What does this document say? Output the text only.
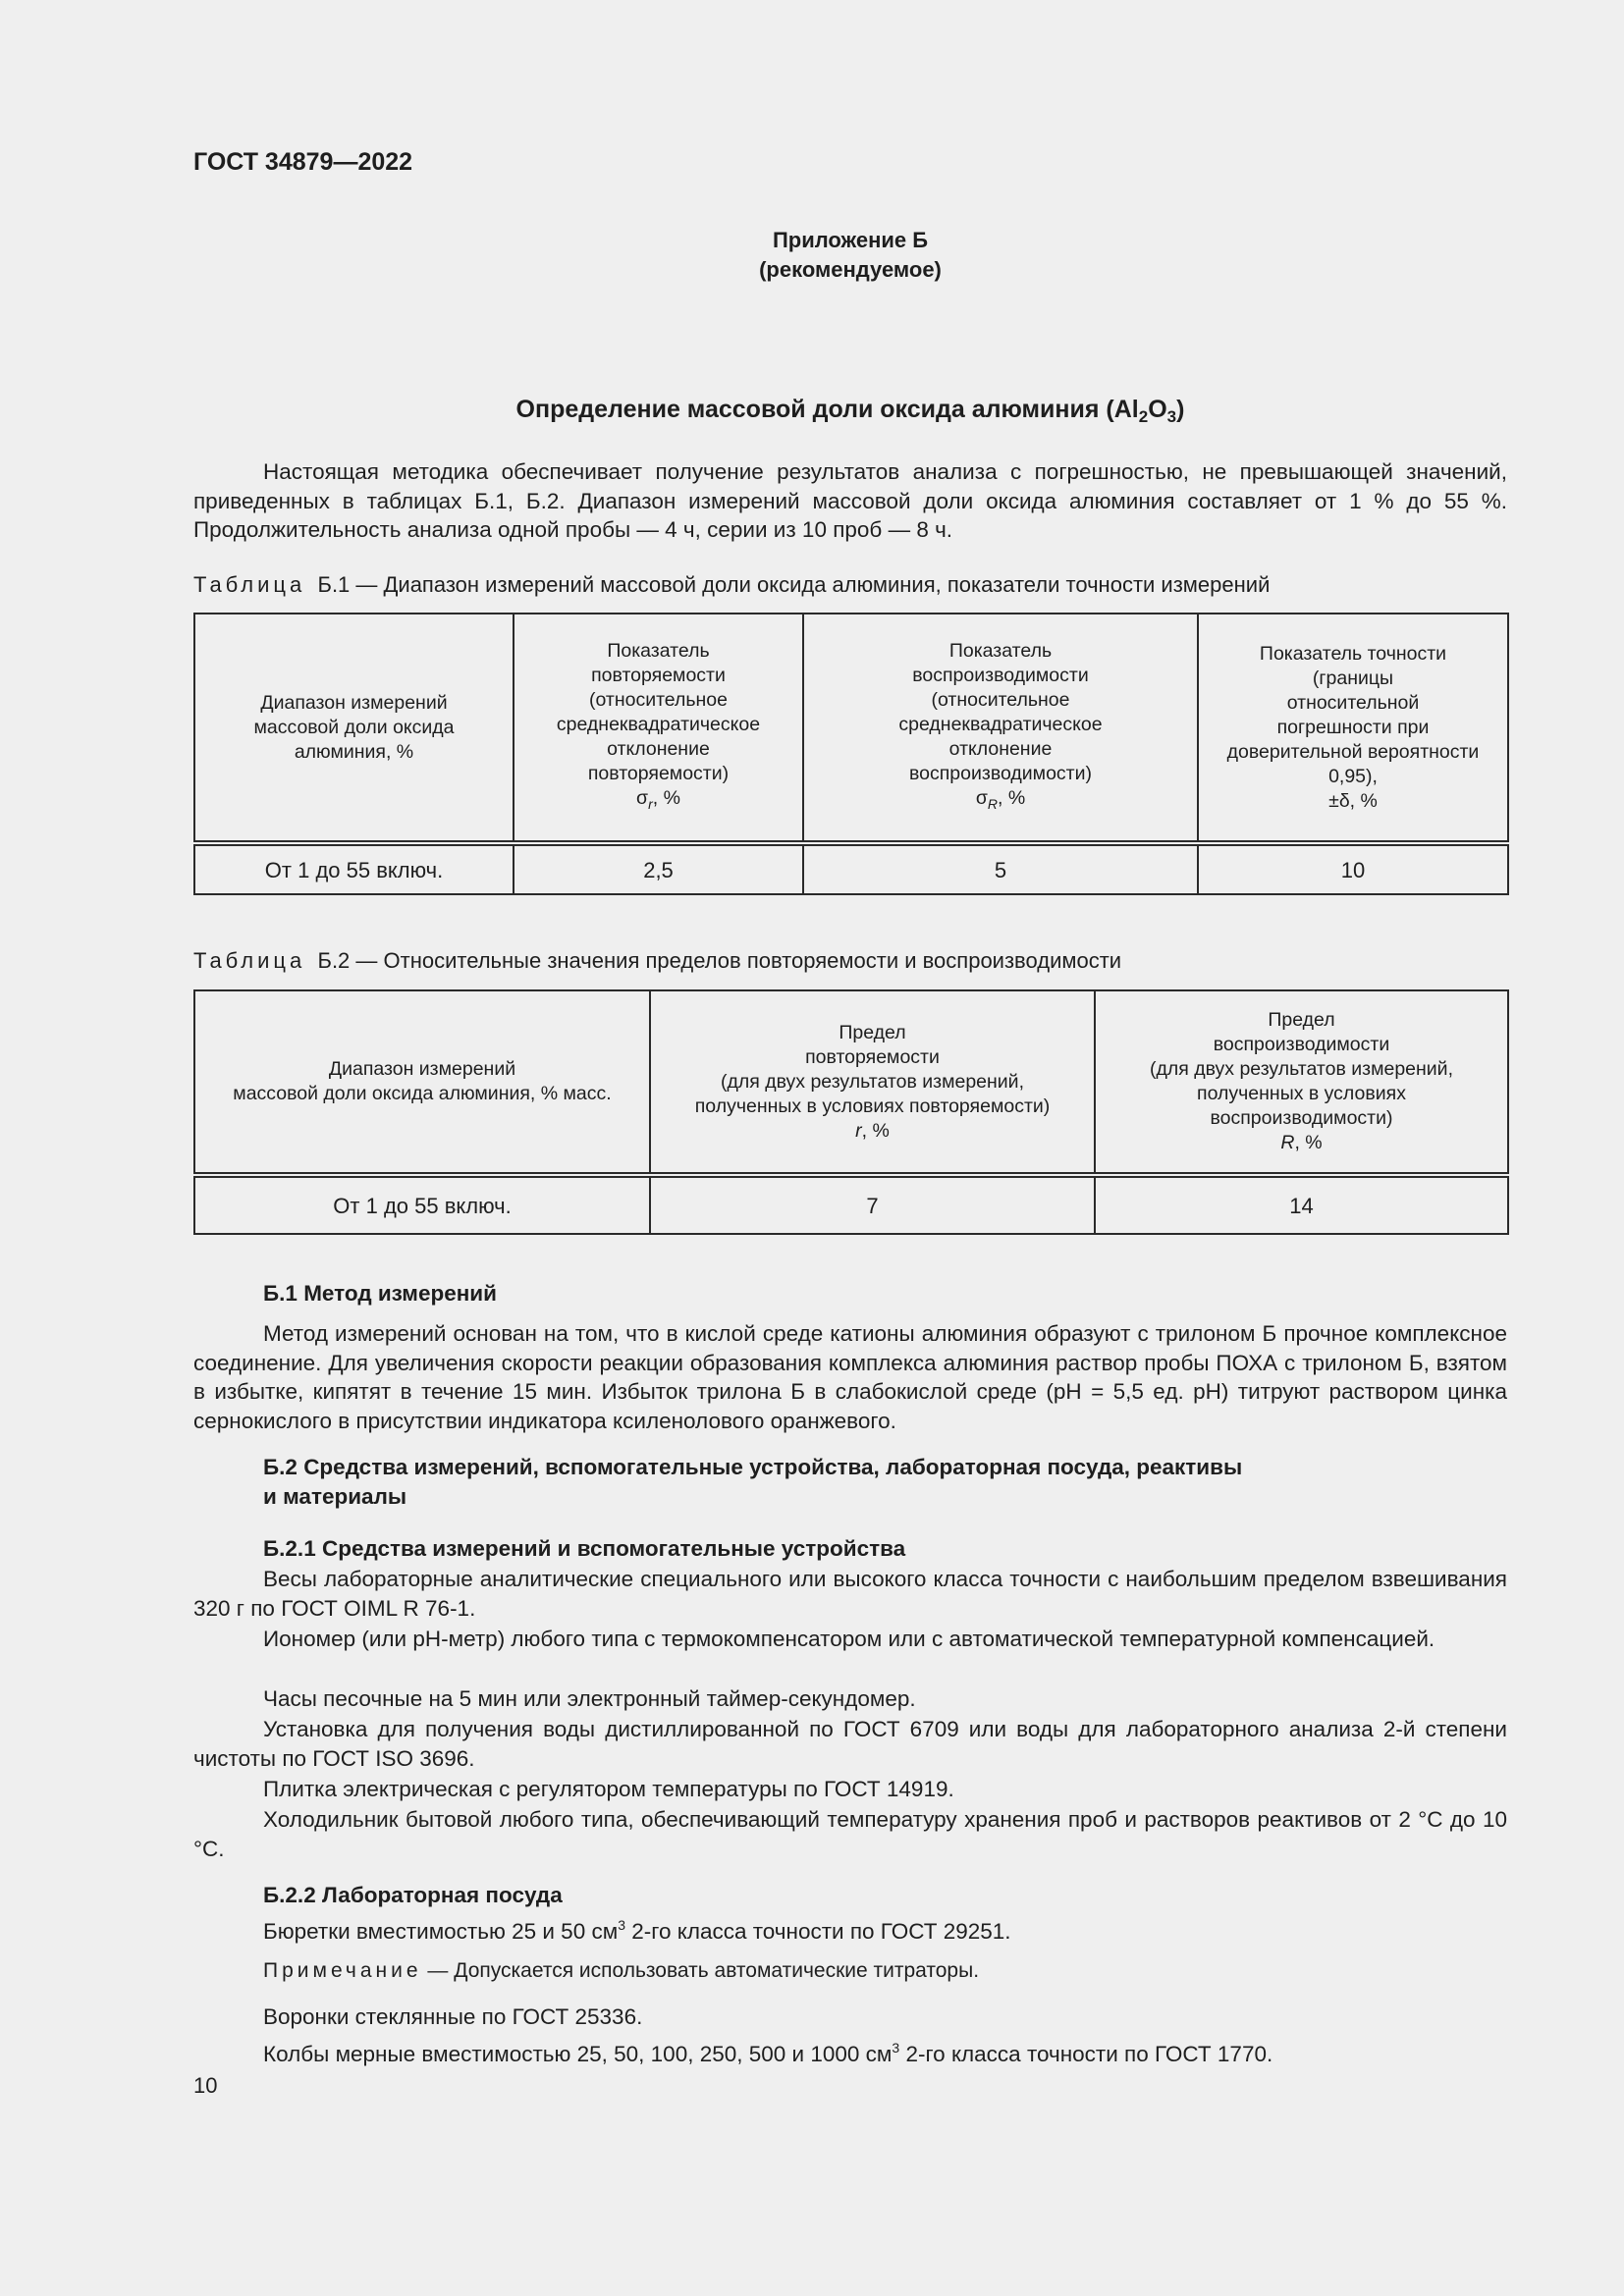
ГОСТ 34879—2022
Приложение Б
(рекомендуемое)
Определение массовой доли оксида алюминия $(Al_2O_3)$
Настоящая методика обеспечивает получение результатов анализа с погрешностью, не превышающей значений, приведенных в таблицах Б.1, Б.2. Диапазон измерений массовой доли оксида алюминия составляет от 1 % до 55 %. Продолжительность анализа одной пробы — 4 ч, серии из 10 проб — 8 ч.
Таблица Б.1 — Диапазон измерений массовой доли оксида алюминия, показатели точности измерений
Диапазон измерений
массовой доли оксида
алюминия, %

Показатель
повторяемости
(относительное
среднеквадратическое
отклонение
повторяемости)
$\sigma_r$, %

Показатель
воспроизводимости
(относительное
среднеквадратическое
отклонение
воспроизводимости)
$\sigma_R$, %

Показатель точности
(границы
относительной
погрешности при
доверительной вероятности
0,95),
±δ, %

От 1 до 55 включ.	2,5	5	10
Таблица Б.2 — Относительные значения пределов повторяемости и воспроизводимости
Диапазон измерений
массовой доли оксида алюминия, % масс.

Предел
повторяемости
(для двух результатов измерений,
полученных в условиях повторяемости)
r, %

Предел
воспроизводимости
(для двух результатов измерений,
полученных в условиях
воспроизводимости)
R, %

От 1 до 55 включ.	7	14
Б.1 Метод измерений
Метод измерений основан на том, что в кислой среде катионы алюминия образуют с трилоном Б прочное комплексное соединение. Для увеличения скорости реакции образования комплекса алюминия раствор пробы ПОХА с трилоном Б, взятом в избытке, кипятят в течение 15 мин. Избыток трилона Б в слабокислой среде (pH = 5,5 ед. pH) титруют раствором цинка сернокислого в присутствии индикатора ксиленолового оранжевого.
Б.2 Средства измерений, вспомогательные устройства, лабораторная посуда, реактивы
и материалы
Б.2.1 Средства измерений и вспомогательные устройства
Весы лабораторные аналитические специального или высокого класса точности с наибольшим пределом взвешивания 320 г по ГОСТ OIML R 76-1.
Иономер (или pH-метр) любого типа с термокомпенсатором или с автоматической температурной компенсацией.
Часы песочные на 5 мин или электронный таймер-секундомер.
Установка для получения воды дистиллированной по ГОСТ 6709 или воды для лабораторного анализа 2-й степени чистоты по ГОСТ ISO 3696.
Плитка электрическая с регулятором температуры по ГОСТ 14919.
Холодильник бытовой любого типа, обеспечивающий температуру хранения проб и растворов реактивов от 2 °C до 10 °C.
Б.2.2 Лабораторная посуда
Бюретки вместимостью 25 и 50 $см^3$ 2-го класса точности по ГОСТ 29251.
Примечание — Допускается использовать автоматические титраторы.
Воронки стеклянные по ГОСТ 25336.
Колбы мерные вместимостью 25, 50, 100, 250, 500 и 1000 $см^3$ 2-го класса точности по ГОСТ 1770.
10
